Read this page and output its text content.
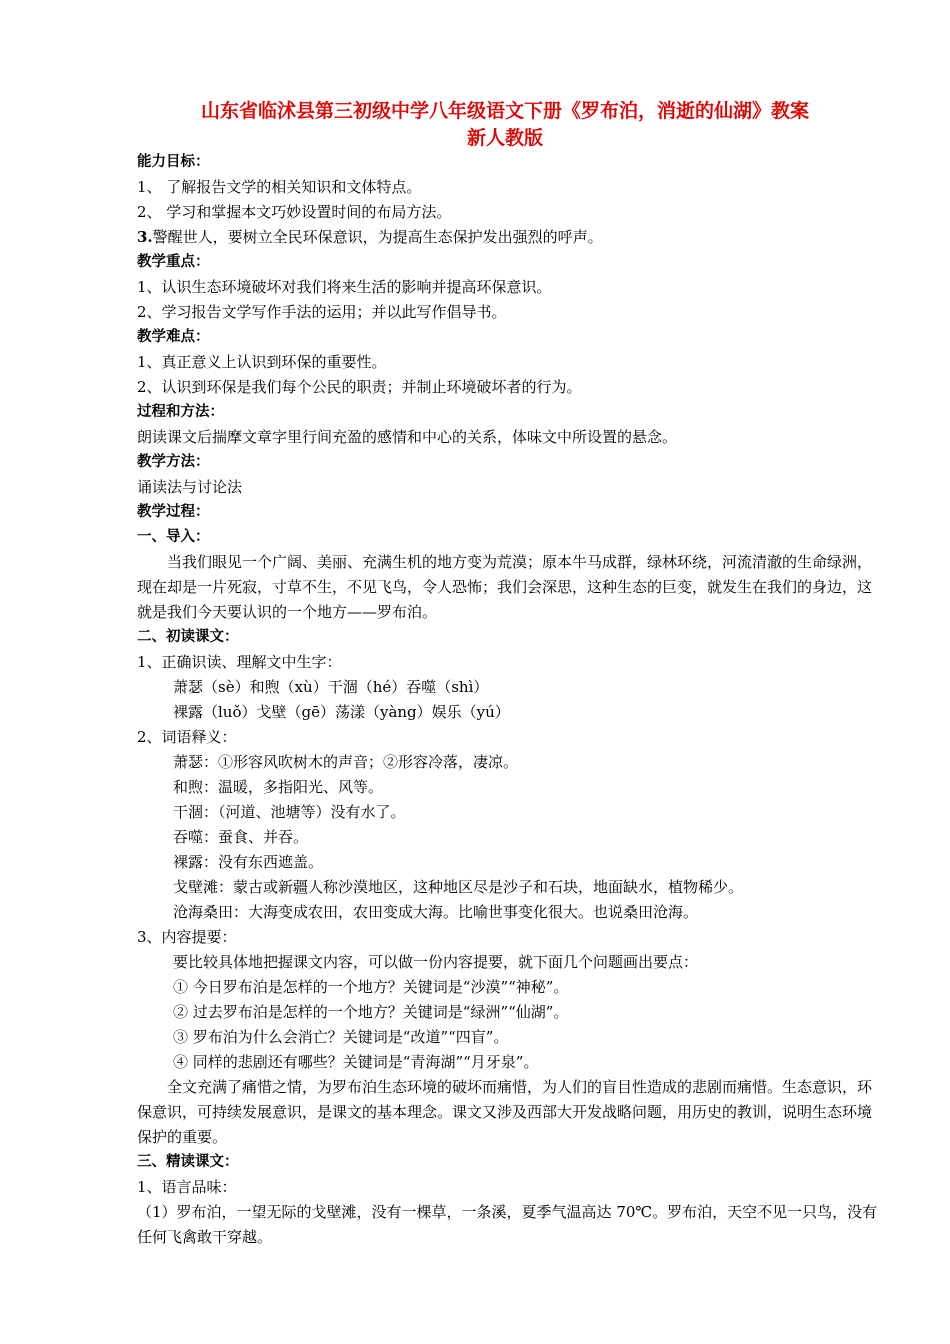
山东省临沭县第三初级中学八年级语文下册《罗布泊，消逝的仙湖》教案
新人教版
能力目标：
1、 了解报告文学的相关知识和文体特点。
2、 学习和掌握本文巧妙设置时间的布局方法。
3.警醒世人，要树立全民环保意识，为提高生态保护发出强烈的呼声。
教学重点：
1、认识生态环境破坏对我们将来生活的影响并提高环保意识。
2、学习报告文学写作手法的运用；并以此写作倡导书。
教学难点：
1、真正意义上认识到环保的重要性。
2、认识到环保是我们每个公民的职责；并制止环境破坏者的行为。
过程和方法：
朗读课文后揣摩文章字里行间充盈的感情和中心的关系，体味文中所设置的悬念。
教学方法：
诵读法与讨论法
教学过程：
一、导入：
当我们眼见一个广阔、美丽、充满生机的地方变为荒漠；原本牛马成群，绿林环绕，河流清澈的生命绿洲，现在却是一片死寂，寸草不生，不见飞鸟，令人恐怖；我们会深思，这种生态的巨变，就发生在我们的身边，这就是我们今天要认识的一个地方——罗布泊。
二、初读课文：
1、正确识读、理解文中生字：
萧瑟（sè）和煦（xù）干涸（hé）吞噬（shì）
裸露（luǒ）戈壁（gē）荡漾（yàng）娱乐（yú）
2、词语释义：
萧瑟：①形容风吹树木的声音；②形容冷落，凄凉。
和煦：温暖，多指阳光、风等。
干涸：（河道、池塘等）没有水了。
吞噬：蚕食、并吞。
裸露：没有东西遮盖。
戈壁滩：蒙古或新疆人称沙漠地区，这种地区尽是沙子和石块，地面缺水，植物稀少。
沧海桑田：大海变成农田，农田变成大海。比喻世事变化很大。也说桑田沧海。
3、内容提要：
要比较具体地把握课文内容，可以做一份内容提要，就下面几个问题画出要点：
① 今日罗布泊是怎样的一个地方？关键词是“沙漠”“神秘”。
② 过去罗布泊是怎样的一个地方？关键词是“绿洲”“仙湖”。
③ 罗布泊为什么会消亡？关键词是“改道”“四盲”。
④ 同样的悲剧还有哪些？关键词是“青海湖”“月牙泉”。
全文充满了痛惜之情，为罗布泊生态环境的破坏而痛惜，为人们的盲目性造成的悲剧而痛惜。生态意识，环保意识，可持续发展意识，是课文的基本理念。课文又涉及西部大开发战略问题，用历史的教训，说明生态环境保护的重要。
三、精读课文：
1、语言品味：
（1）罗布泊，一望无际的戈壁滩，没有一棵草，一条溪，夏季气温高达 70℃。罗布泊，天空不见一只鸟，没有任何飞禽敢干穿越。
